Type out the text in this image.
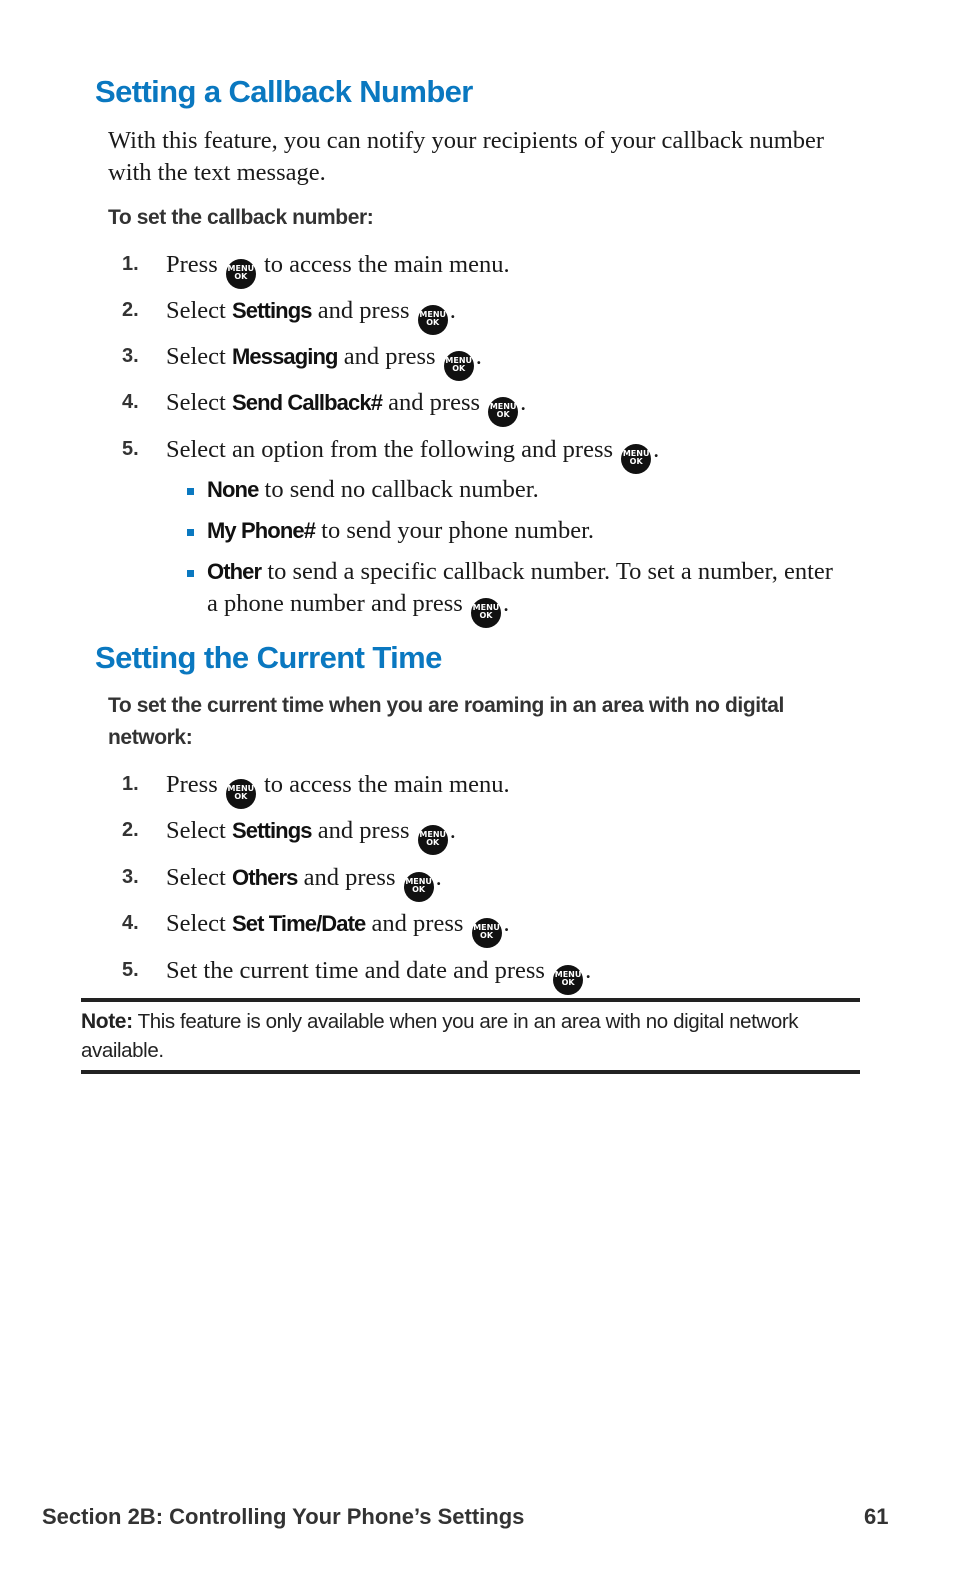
Setting a Callback Number

With this feature, you can notify your recipients of your callback number with the text message.

To set the callback number:

1. Press MENU
OK to access the main menu.
2. Select Settings and press MENU
OK .
3. Select Messaging and press MENU
OK .
4. Select Send Callback# and press MENU
OK .
5. Select an option from the following and press MENU
OK .
None to send no callback number.
My Phone# to send your phone number.
Other to send a specific callback number. To set a number, enter a phone number and press MENU
OK .
Setting the Current Time

To set the current time when you are roaming in an area with no digital network:

1. Press MENU
OK to access the main menu.
2. Select Settings and press MENU
OK .
3. Select Others and press MENU
OK .
4. Select Set Time/Date and press MENU
OK .
5. Set the current time and date and press MENU
OK .

Note: This feature is only available when you are in an area with no digital network available.

Section 2B: Controlling Your Phone’s Settings	61
